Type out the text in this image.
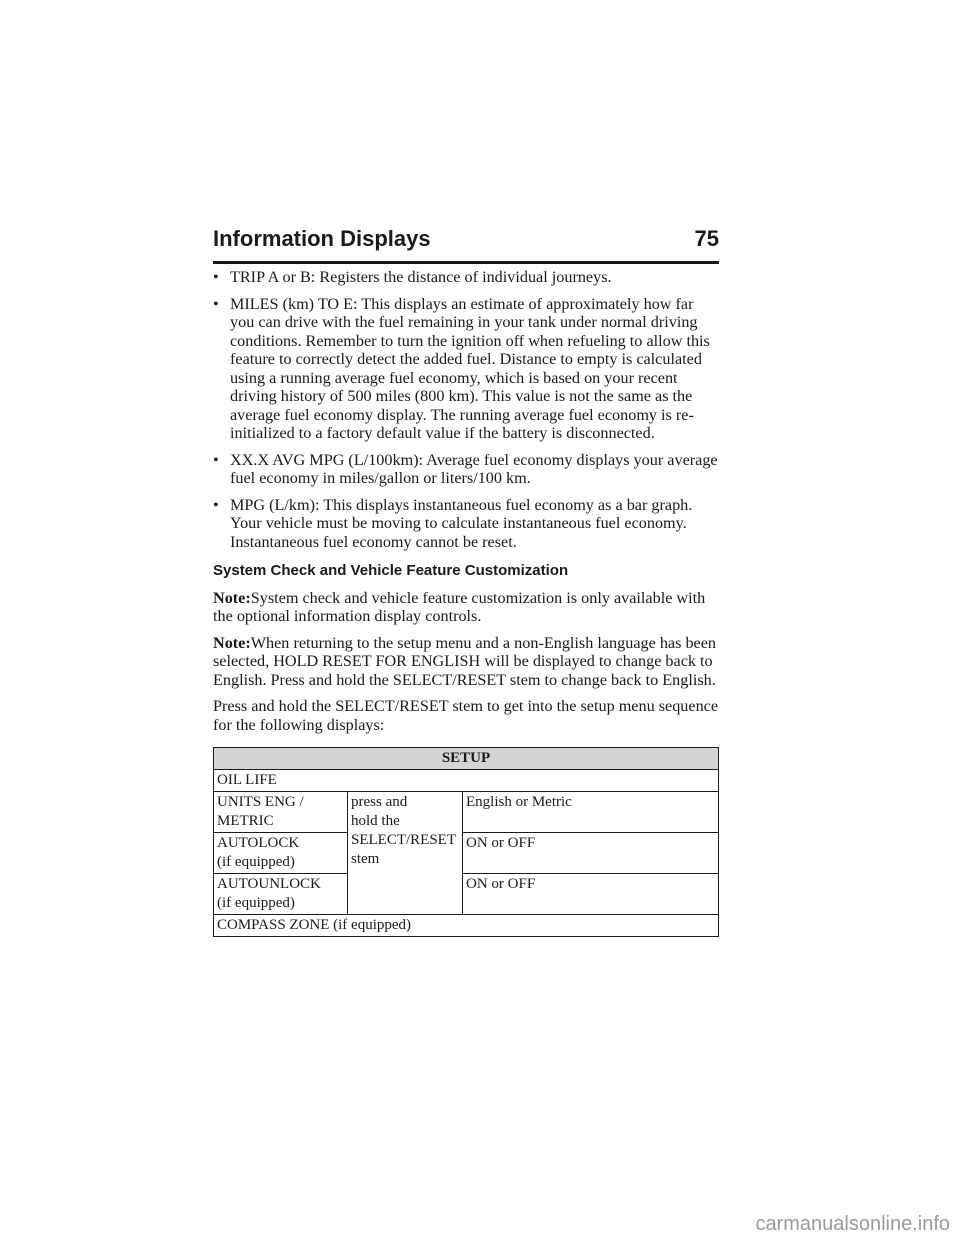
Information Displays	75
• TRIP A or B: Registers the distance of individual journeys.
• MILES (km) TO E: This displays an estimate of approximately how far you can drive with the fuel remaining in your tank under normal driving conditions. Remember to turn the ignition off when refueling to allow this feature to correctly detect the added fuel. Distance to empty is calculated using a running average fuel economy, which is based on your recent driving history of 500 miles (800 km). This value is not the same as the average fuel economy display. The running average fuel economy is re-initialized to a factory default value if the battery is disconnected.
• XX.X AVG MPG (L/100km): Average fuel economy displays your average fuel economy in miles/gallon or liters/100 km.
• MPG (L/km): This displays instantaneous fuel economy as a bar graph. Your vehicle must be moving to calculate instantaneous fuel economy. Instantaneous fuel economy cannot be reset.
System Check and Vehicle Feature Customization

Note:System check and vehicle feature customization is only available with the optional information display controls.

Note:When returning to the setup menu and a non-English language has been selected, HOLD RESET FOR ENGLISH will be displayed to change back to English. Press and hold the SELECT/RESET stem to change back to English.

Press and hold the SELECT/RESET stem to get into the setup menu sequence for the following displays:

SETUP		
OIL LIFE		
UNITS ENG /
METRIC	press and
hold the
SELECT/RESET
stem	English or Metric
AUTOLOCK
(if equipped)		ON or OFF
AUTOUNLOCK
(if equipped)		ON or OFF
COMPASS ZONE (if equipped)		
carmanualsonline.info
